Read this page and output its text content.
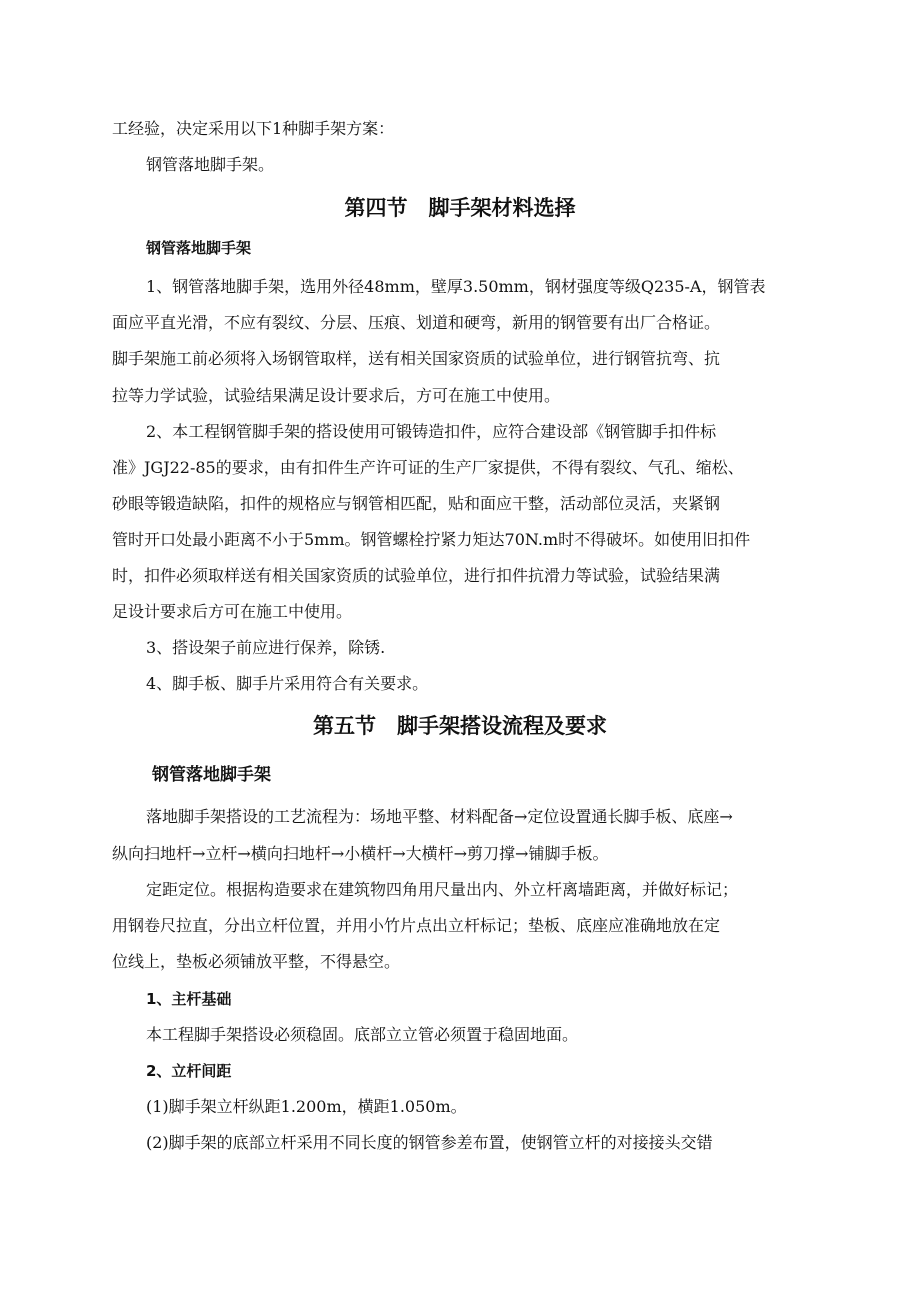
工经验，决定采用以下1种脚手架方案：
钢管落地脚手架。
第四节　脚手架材料选择
钢管落地脚手架
1、钢管落地脚手架，选用外径48mm，壁厚3.50mm，钢材强度等级Q235-A，钢管表
面应平直光滑，不应有裂纹、分层、压痕、划道和硬弯，新用的钢管要有出厂合格证。
脚手架施工前必须将入场钢管取样，送有相关国家资质的试验单位，进行钢管抗弯、抗
拉等力学试验，试验结果满足设计要求后，方可在施工中使用。
2、本工程钢管脚手架的搭设使用可锻铸造扣件，应符合建设部《钢管脚手扣件标
准》JGJ22-85的要求，由有扣件生产许可证的生产厂家提供，不得有裂纹、气孔、缩松、
砂眼等锻造缺陷，扣件的规格应与钢管相匹配，贴和面应干整，活动部位灵活，夹紧钢
管时开口处最小距离不小于5mm。钢管螺栓拧紧力矩达70N.m时不得破坏。如使用旧扣件
时，扣件必须取样送有相关国家资质的试验单位，进行扣件抗滑力等试验，试验结果满
足设计要求后方可在施工中使用。
3、搭设架子前应进行保养，除锈.
4、脚手板、脚手片采用符合有关要求。
第五节　脚手架搭设流程及要求
钢管落地脚手架
落地脚手架搭设的工艺流程为：场地平整、材料配备→定位设置通长脚手板、底座→
纵向扫地杆→立杆→横向扫地杆→小横杆→大横杆→剪刀撑→铺脚手板。
定距定位。根据构造要求在建筑物四角用尺量出内、外立杆离墙距离，并做好标记；
用钢卷尺拉直，分出立杆位置，并用小竹片点出立杆标记；垫板、底座应准确地放在定
位线上，垫板必须铺放平整，不得悬空。
1、主杆基础
本工程脚手架搭设必须稳固。底部立立管必须置于稳固地面。
2、立杆间距
(1)脚手架立杆纵距1.200m，横距1.050m。
(2)脚手架的底部立杆采用不同长度的钢管参差布置，使钢管立杆的对接接头交错
